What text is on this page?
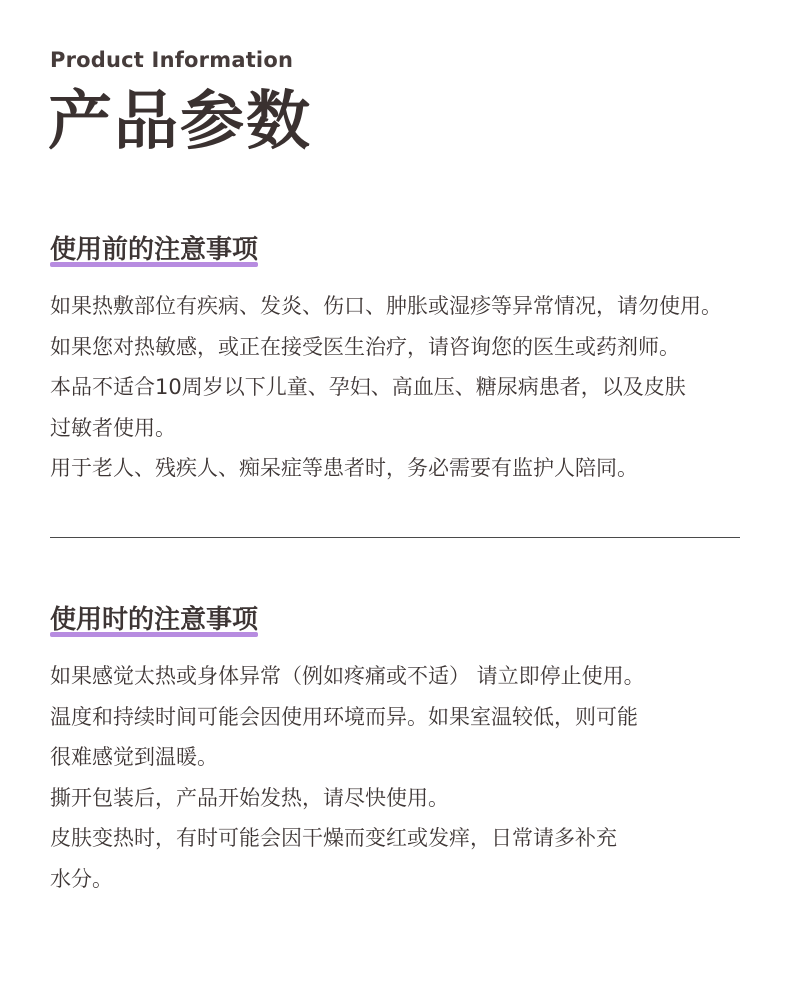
Product Information
产品参数
使用前的注意事项
如果热敷部位有疾病、发炎、伤口、肿胀或湿疹等异常情况，请勿使用。
如果您对热敏感，或正在接受医生治疗，请咨询您的医生或药剂师。
本品不适合10周岁以下儿童、孕妇、高血压、糖尿病患者，以及皮肤
过敏者使用。
用于老人、残疾人、痴呆症等患者时，务必需要有监护人陪同。
使用时的注意事项
如果感觉太热或身体异常（例如疼痛或不适） 请立即停止使用。
温度和持续时间可能会因使用环境而异。如果室温较低，则可能
很难感觉到温暖。
撕开包装后，产品开始发热，请尽快使用。
皮肤变热时，有时可能会因干燥而变红或发痒，日常请多补充
水分。
